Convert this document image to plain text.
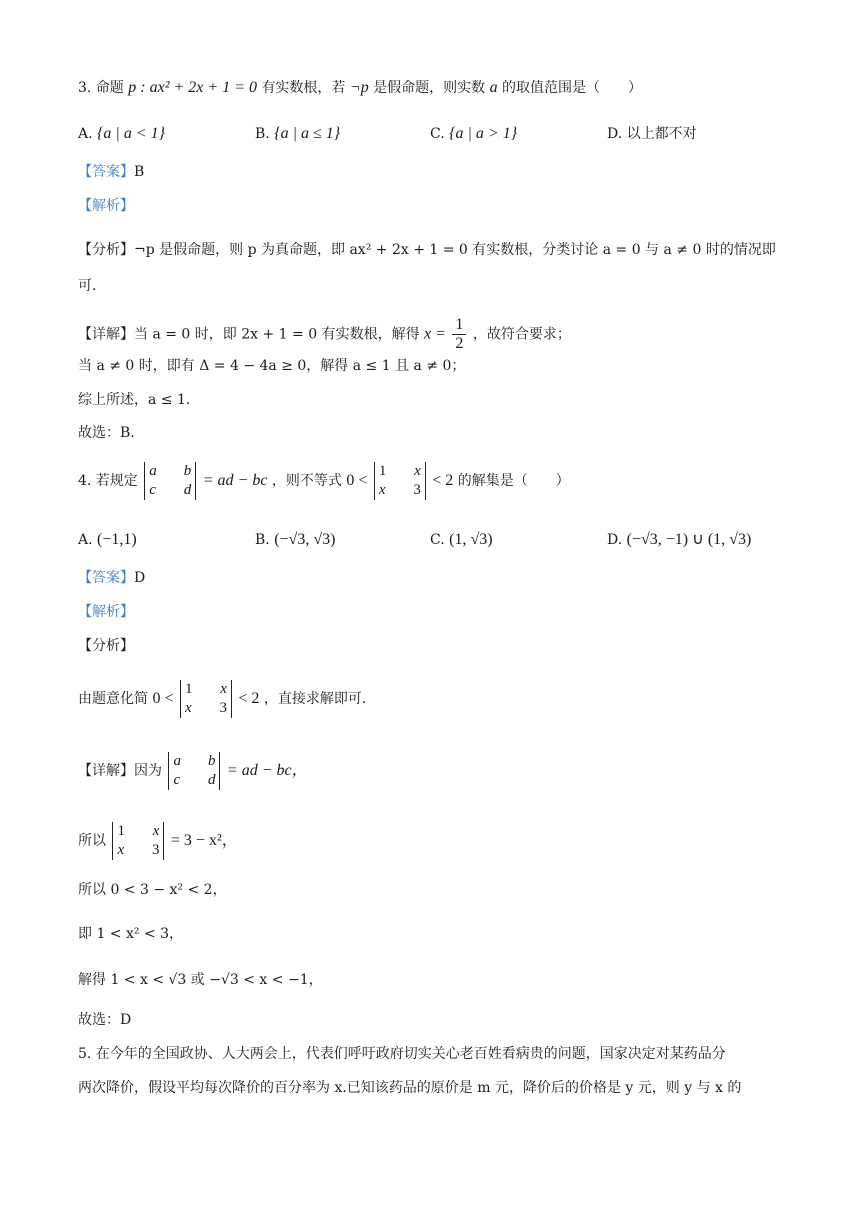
3. 命题 p : ax² + 2x + 1 = 0 有实数根，若 ¬p 是假命题，则实数 a 的取值范围是（　　）
A. {a | a < 1}	B. {a | a ≤ 1}	C. {a | a > 1}	D. 以上都不对
【答案】B
【解析】
【分析】¬p 是假命题，则 p 为真命题，即 ax² + 2x + 1 = 0 有实数根，分类讨论 a = 0 与 a ≠ 0 时的情况即
可.
【详解】当 a = 0 时，即 2x + 1 = 0 有实数根，解得 $x = \frac{1}{2}$ ，故符合要求；
当 a ≠ 0 时，即有 Δ = 4 − 4a ≥ 0，解得 a ≤ 1 且 a ≠ 0；
综上所述，a ≤ 1.
故选：B.
4. 若规定
a	b
c	d
= ad − bc ，则不等式 0 <
1	x
x	3
< 2 的解集是（　　）
A. (−1,1)	B. (−√3, √3)	C. (1, √3)	D. (−√3, −1) ∪ (1, √3)
【答案】D
【解析】
【分析】
由题意化简 0 <
1	x
x	3
< 2 ，直接求解即可.
【详解】因为
a	b
c	d
= ad − bc，
所以
1	x
x	3
= 3 − x²，
所以 0 < 3 − x² < 2，
即 1 < x² < 3，
解得 1 < x < √3 或 −√3 < x < −1，
故选：D
5. 在今年的全国政协、人大两会上，代表们呼吁政府切实关心老百姓看病贵的问题，国家决定对某药品分
两次降价，假设平均每次降价的百分率为 x.已知该药品的原价是 m 元，降价后的价格是 y 元，则 y 与 x 的
